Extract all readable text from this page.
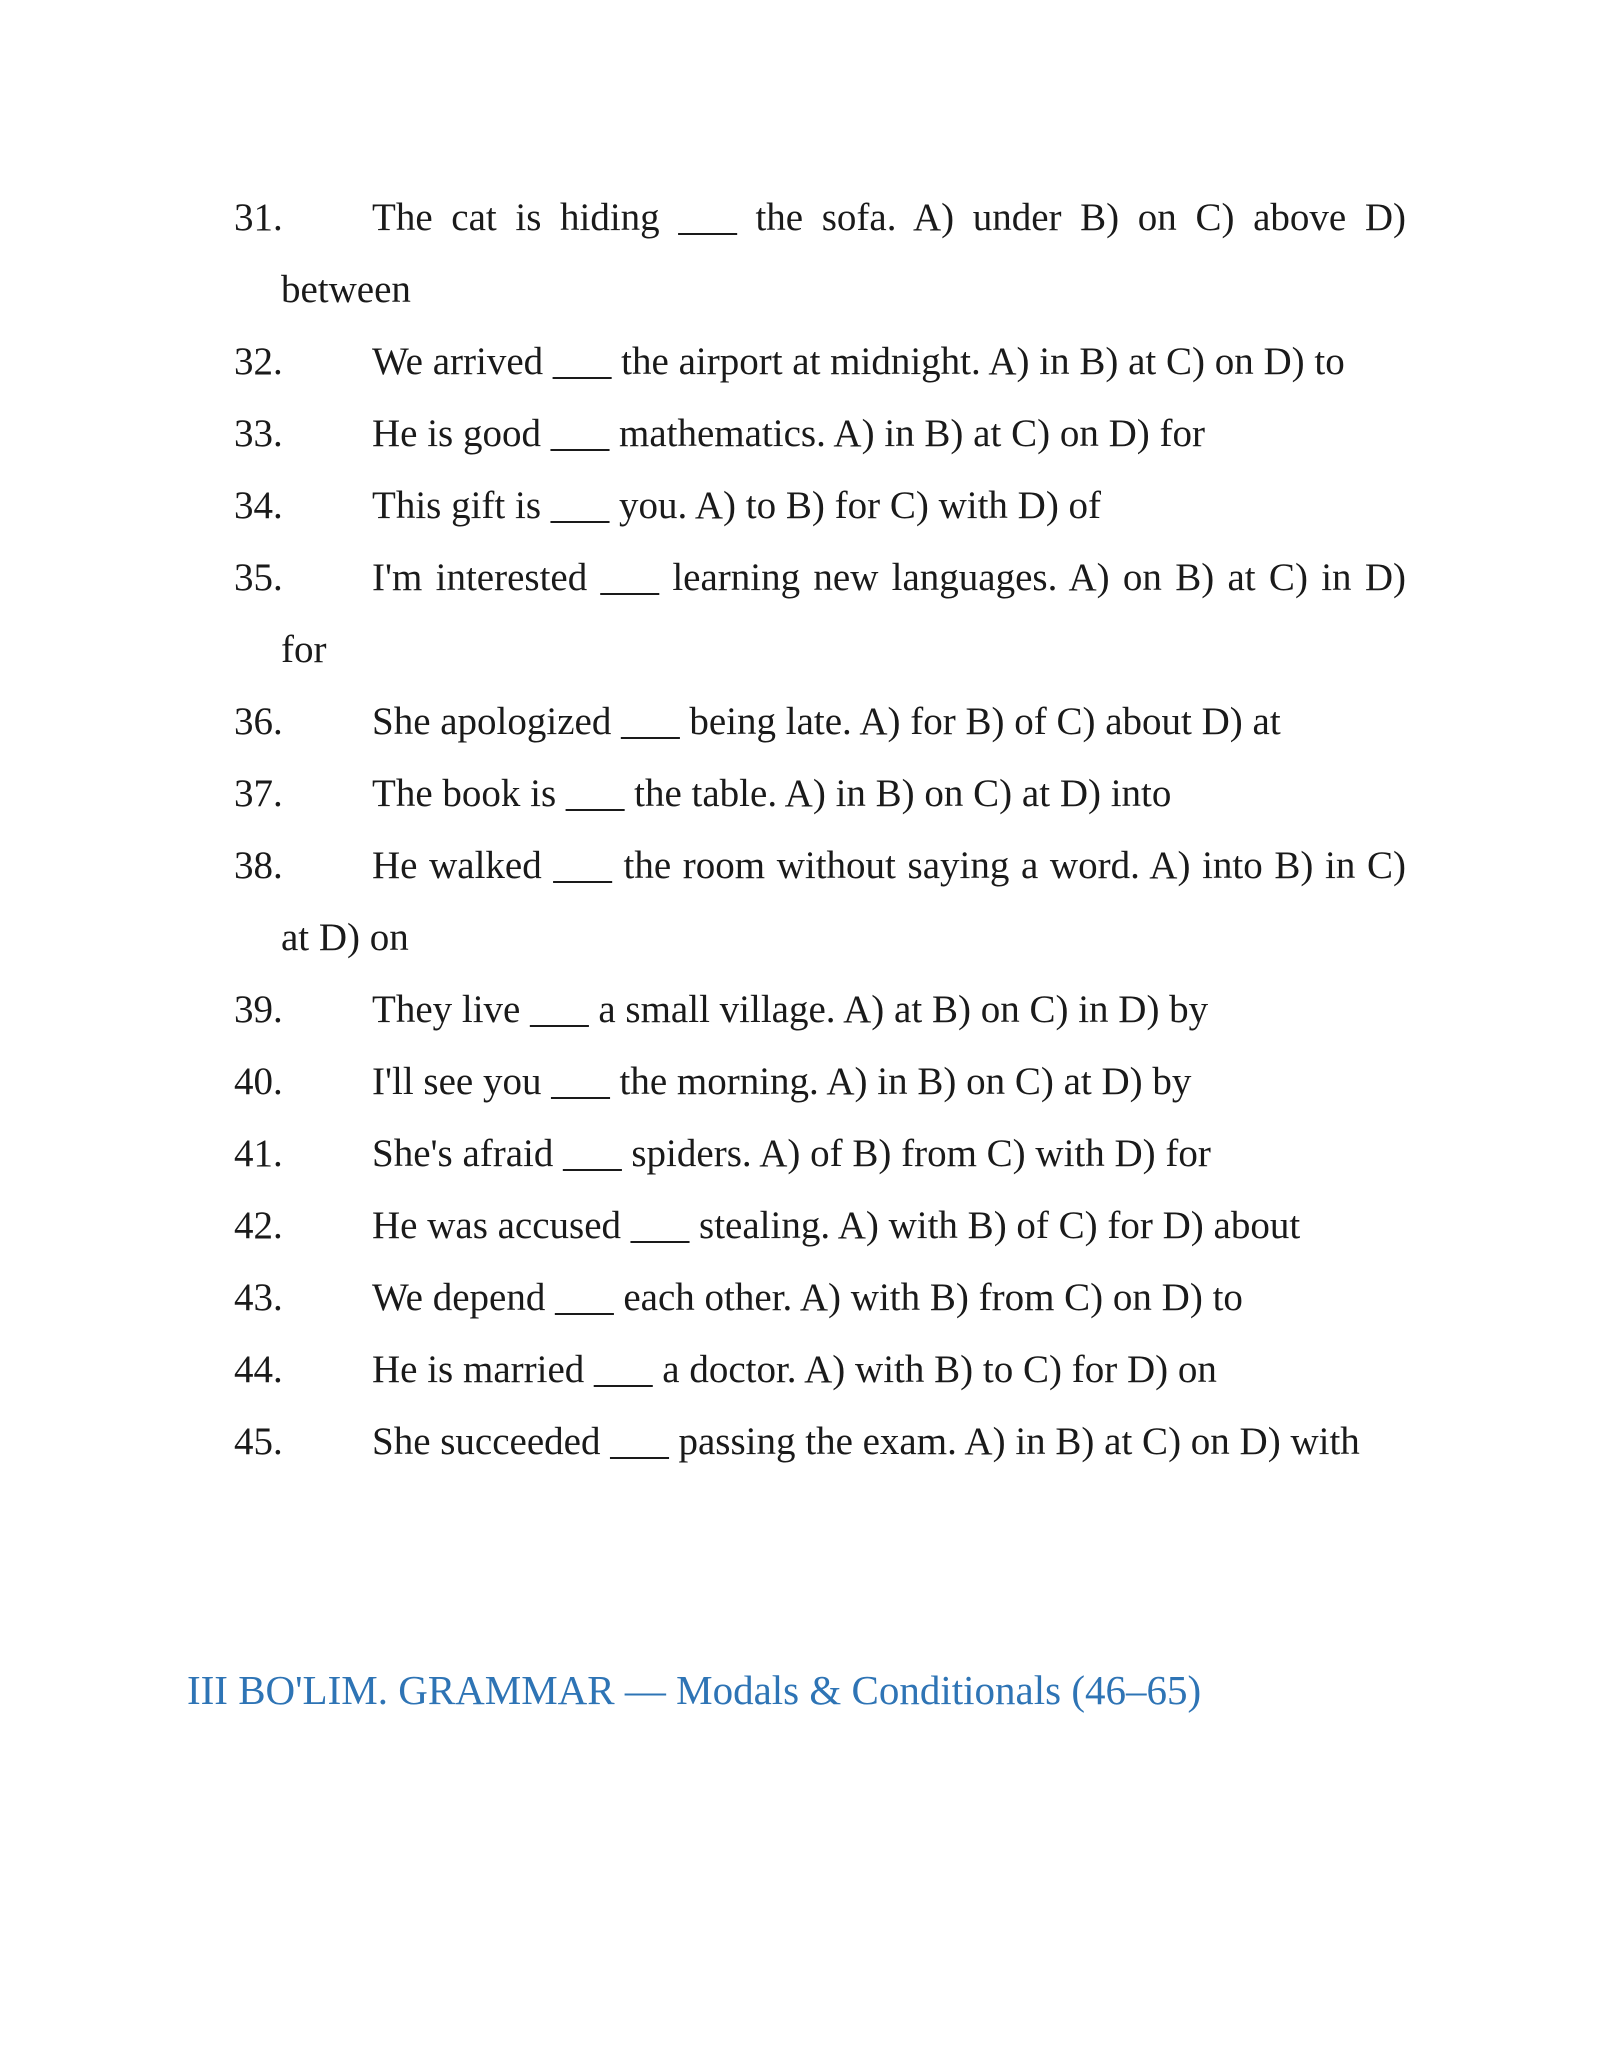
31.	The cat is hiding ___ the sofa. A) under B) on C) above D) between
32.	We arrived ___ the airport at midnight. A) in B) at C) on D) to
33.	He is good ___ mathematics. A) in B) at C) on D) for
34.	This gift is ___ you. A) to B) for C) with D) of
35.	I'm interested ___ learning new languages. A) on B) at C) in D) for
36.	She apologized ___ being late. A) for B) of C) about D) at
37.	The book is ___ the table. A) in B) on C) at D) into
38.	He walked ___ the room without saying a word. A) into B) in C) at D) on
39.	They live ___ a small village. A) at B) on C) in D) by
40.	I'll see you ___ the morning. A) in B) on C) at D) by
41.	She's afraid ___ spiders. A) of B) from C) with D) for
42.	He was accused ___ stealing. A) with B) of C) for D) about
43.	We depend ___ each other. A) with B) from C) on D) to
44.	He is married ___ a doctor. A) with B) to C) for D) on
45.	She succeeded ___ passing the exam. A) in B) at C) on D) with
III BO'LIM. GRAMMAR — Modals & Conditionals (46–65)
